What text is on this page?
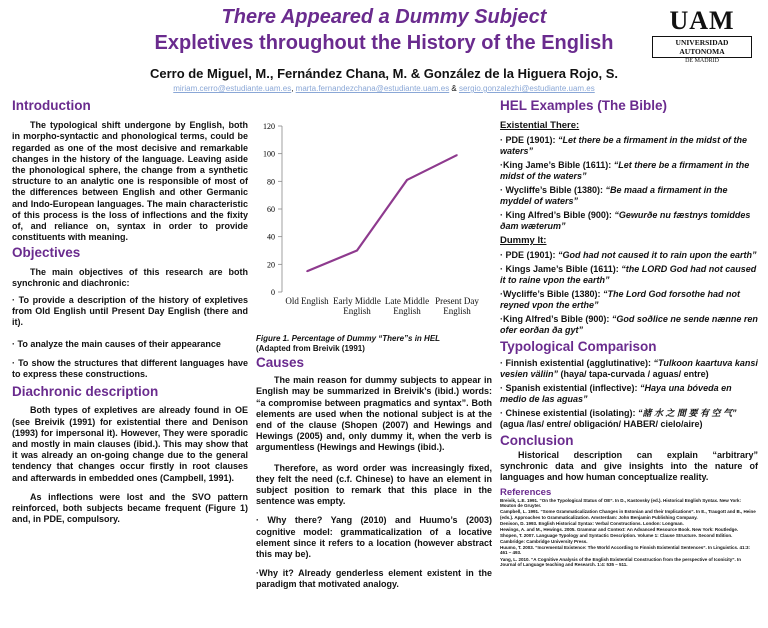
There Appeared a Dummy Subject
Expletives throughout the History of the English
Cerro de Miguel, M., Fernández Chana, M. & González de la Higuera Rojo, S.
miriam.cerro@estudiante.uam.es, marta.fernandezchana@estudiante.uam.es & sergio.gonzalezhi@estudiante.uam.es
UAM
UNIVERSIDAD AUTONOMA
DE MADRID
Introduction

The typological shift undergone by English, both in morpho-syntactic and phonological terms, could be regarded as one of the most decisive and remarkable changes in the history of the language. Leaving aside the phonological sphere, the change from a synthetic structure to an analytic one is responsible of most of the differences between English and other Germanic and Indo-European languages. The main characteristic of this process is the loss of inflections and the fixity of, and reliance on, syntax in order to provide constituents with meaning.

Objectives

The main objectives of this research are both synchronic and diachronic:

· To provide a description of the history of expletives from Old English until Present Day English (there and it).

· To analyze the main causes of their appearance

· To show the structures that different languages have to express these constructions.

Diachronic description

Both types of expletives are already found in OE (see Breivik (1991) for existential there and Denison (1993) for impersonal it). However, They were sporadic and mostly in main clauses (ibid.). This may show that it was already an on-going change due to the general tendency that changes occur firstly in root clauses and afterwards in embedded ones (Campbell, 1991).

As inflections were lost and the SVO pattern reinforced, both subjects became frequent (Figure 1) and, in PDE, compulsory.

0
20
40
60
80
100
120
Old English Early Middle English
Late Middle English
Present Day English
Figure 1. Percentage of Dummy “There”s in HEL
(Adapted from Breivik (1991)
Causes

The main reason for dummy subjects to appear in English may be summarized in Breivik’s (ibid.) words: “a compromise between pragmatics and syntax”. Both elements are used when the notional subject is at the end of the clause (Shopen (2007) and Hewings and Hewings (2005) and, only dummy it, when the verb is argumentless (Hewings and Hewings (ibid.).

Therefore, as word order was increasingly fixed, they felt the need (c.f. Chinese) to have an element in subject position to remark that this place in the sentence was empty.

· Why there? Yang (2010) and Huumo’s (2003) cognitive model: grammaticalization of a locative element since it refers to a location (however abstract this may be).

·Why it? Already genderless element existent in the paradigm that motivated analogy.

HEL Examples (The Bible)
Existential There:

· PDE (1901): “Let there be a firmament in the midst of the waters”

·King Jame’s Bible (1611): “Let there be a firmament in the midst of the waters”

· Wycliffe’s Bible (1380): “Be maad a firmament in the myddel of waters”

· King Alfred’s Bible (900): “Gewurðe nu fæstnys tomiddes ðam wæterum”

Dummy It:

· PDE (1901): “God had not caused it to rain upon the earth”

· Kings Jame’s Bible (1611): “the LORD God had not caused it to raine vpon the earth”

·Wycliffe’s Bible (1380): “The Lord God forsothe had not reyned vpon the erthe”

·King Alfred’s Bible (900): “God soðlice ne sende nænne ren ofer eorðan ða gyt”

Typological Comparison

· Finnish existential (agglutinative): “Tulkoon kaartuva kansi vesien väliin” (haya/ tapa-curvada / aguas/ entre)

· Spanish existential (inflective): “Haya una bóveda en medio de las aguas”

· Chinese existential (isolating): “諸 水 之 間 要 有 空 气” (agua /las/ entre/ obligación/ HABER/ cielo/aire)

Conclusion

Historical description can explain “arbitrary” synchronic data and give insights into the nature of languages and how human conceptualize reality.

References
Breivik, L.E. 1991. “On the Typological Status of OE”. In D., Kastovsky (ed.). Historical English Syntax. New York: Mouton de Gruyter.
Campbell, L. 1991. “Some Grammaticalization Changes in Estonian and their Implications”. In E., Traugott and B., Heine (eds.). Approaches to Grammaticalization. Amsterdam: John Benjamin Publishing Company.
Denison, D. 1993. English Historical Syntax: Verbal Constructions. London: Longman.
Hewings, A. and M., Hewings. 2005. Grammar and Context: An Advanced Resource Book. New York: Routledge.
Shopen, T. 2007. Language Typology and Syntactic Description. Volume 1: Clause Structure. Second Edition. Cambridge: Cambridge University Press.
Huumo, T. 2003. “Incremental Existence: The World According to Finnish Existential Sentences”. In Linguistics. 41:3: 461 – 493.
Yang, L. 2010. “A Cognitive Analysis of the English Existential Construction from the perspective of Iconicity”. In Journal of Language teaching and Research. 1:4: 535 – 511.
